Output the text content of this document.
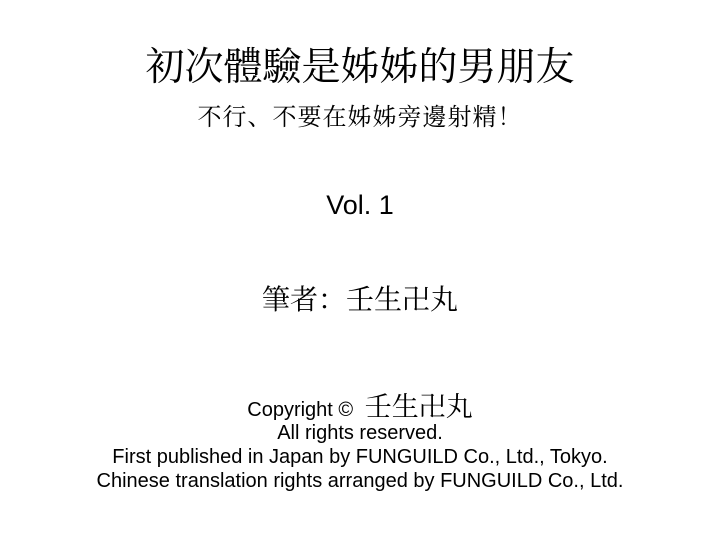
初次體驗是姊姊的男朋友
不行、不要在姊姊旁邊射精！
Vol. 1
筆者：壬生卍丸
Copyright © 壬生卍丸
All rights reserved.
First published in Japan by FUNGUILD Co., Ltd., Tokyo.
Chinese translation rights arranged by FUNGUILD Co., Ltd.
